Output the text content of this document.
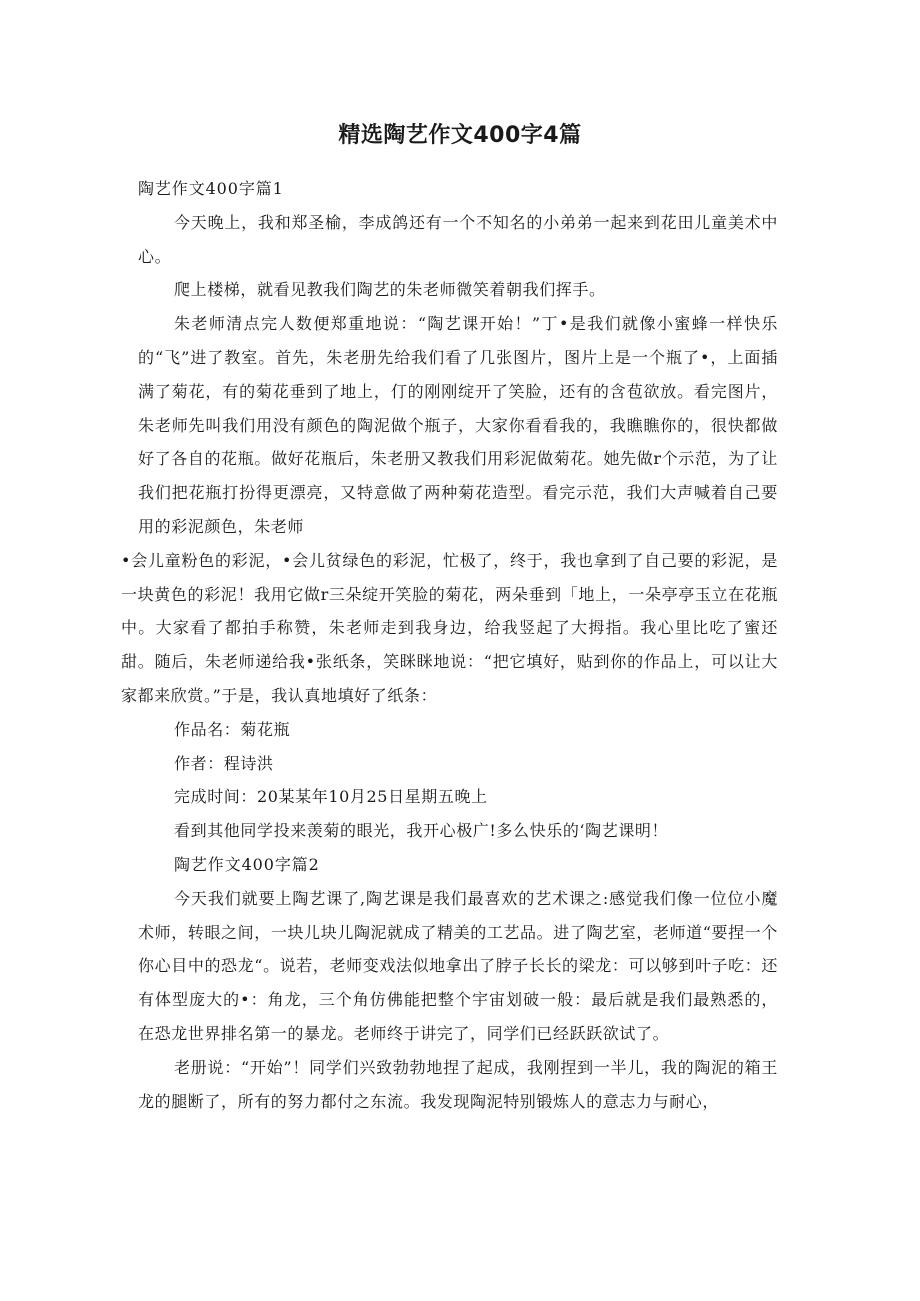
精选陶艺作文400字4篇

陶艺作文400字篇1

今天晚上，我和郑圣榆，李成鸽还有一个不知名的小弟弟一起来到花田儿童美术中心。

爬上楼梯，就看见教我们陶艺的朱老师微笑着朝我们挥手。

朱老师清点完人数便郑重地说：“陶艺课开始！”丁•是我们就像小蜜蜂一样快乐的“飞”进了教室。首先，朱老册先给我们看了几张图片，图片上是一个瓶了•，上面插满了菊花，有的菊花垂到了地上，仃的刚刚绽开了笑脸，还有的含苞欲放。看完图片，朱老师先叫我们用没有颜色的陶泥做个瓶子，大家你看看我的，我瞧瞧你的，很快都做好了各自的花瓶。做好花瓶后，朱老册又教我们用彩泥做菊花。她先做r个示范，为了让我们把花瓶打扮得更漂亮，又特意做了两种菊花造型。看完示范，我们大声喊着自己要用的彩泥颜色，朱老师

•会儿童粉色的彩泥，•会儿贫绿色的彩泥，忙极了，终于，我也拿到了自己要的彩泥，是一块黄色的彩泥！我用它做r三朵绽开笑脸的菊花，两朵垂到「地上，一朵亭亭玉立在花瓶中。大家看了都拍手称赞，朱老师走到我身边，给我竖起了大拇指。我心里比吃了蜜还甜。随后，朱老师递给我•张纸条，笑眯眯地说：“把它填好，贴到你的作品上，可以让大家都来欣赏。”于是，我认真地填好了纸条：

作品名：菊花瓶

作者：程诗洪

完成时间：20某某年10月25日星期五晚上

看到其他同学投来羡菊的眼光，我开心极广!多么快乐的‘陶艺课明！

陶艺作文400字篇2

今天我们就要上陶艺课了,陶艺课是我们最喜欢的艺术课之:感觉我们像一位位小魔术师，转眼之间，一块儿块儿陶泥就成了精美的工艺品。进了陶艺室，老师道“要捏一个你心目中的恐龙“。说若，老师变戏法似地拿出了脖子长长的梁龙：可以够到叶子吃：还有体型庞大的•：角龙，三个角仿佛能把整个宇宙划破一般：最后就是我们最熟悉的，在恐龙世界排名第一的暴龙。老师终于讲完了，同学们已经跃跃欲试了。

老册说：“开始”！同学们兴致勃勃地捏了起成，我刚捏到一半儿，我的陶泥的箱王龙的腿断了，所有的努力都付之东流。我发现陶泥特别锻炼人的意志力与耐心，
